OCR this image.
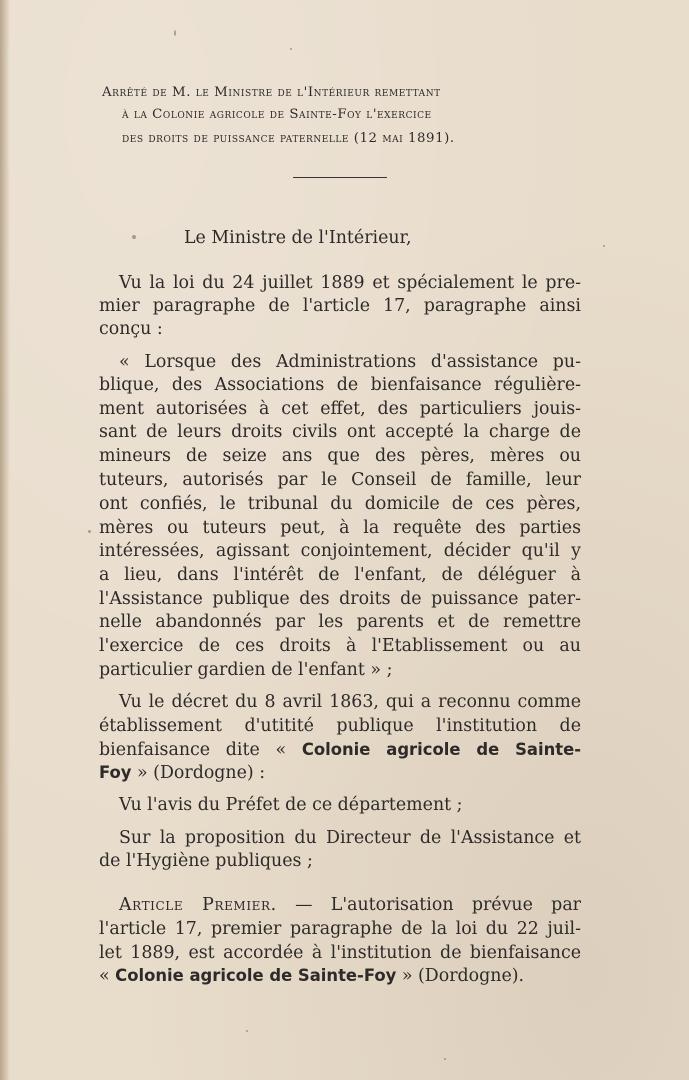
Arrêté de M. le Ministre de l'Intérieur remettant
à la Colonie agricole de Sainte-Foy l'exercice
des droits de puissance paternelle (12 mai 1891).
Le Ministre de l'Intérieur,
Vu la loi du 24 juillet 1889 et spécialement le pre-
mier paragraphe de l'article 17, paragraphe ainsi
conçu :
« Lorsque des Administrations d'assistance pu-
blique, des Associations de bienfaisance régulière-
ment autorisées à cet effet, des particuliers jouis-
sant de leurs droits civils ont accepté la charge de
mineurs de seize ans que des pères, mères ou
tuteurs, autorisés par le Conseil de famille, leur
ont confiés, le tribunal du domicile de ces pères,
mères ou tuteurs peut, à la requête des parties
intéressées, agissant conjointement, décider qu'il y
a lieu, dans l'intérêt de l'enfant, de déléguer à
l'Assistance publique des droits de puissance pater-
nelle abandonnés par les parents et de remettre
l'exercice de ces droits à l'Etablissement ou au
particulier gardien de l'enfant » ;
Vu le décret du 8 avril 1863, qui a reconnu comme
établissement d'utitité publique l'institution de
bienfaisance dite « Colonie agricole de Sainte-
Foy » (Dordogne) :
Vu l'avis du Préfet de ce département ;
Sur la proposition du Directeur de l'Assistance et
de l'Hygiène publiques ;
Article Premier. — L'autorisation prévue par
l'article 17, premier paragraphe de la loi du 22 juil-
let 1889, est accordée à l'institution de bienfaisance
« Colonie agricole de Sainte-Foy » (Dordogne).
